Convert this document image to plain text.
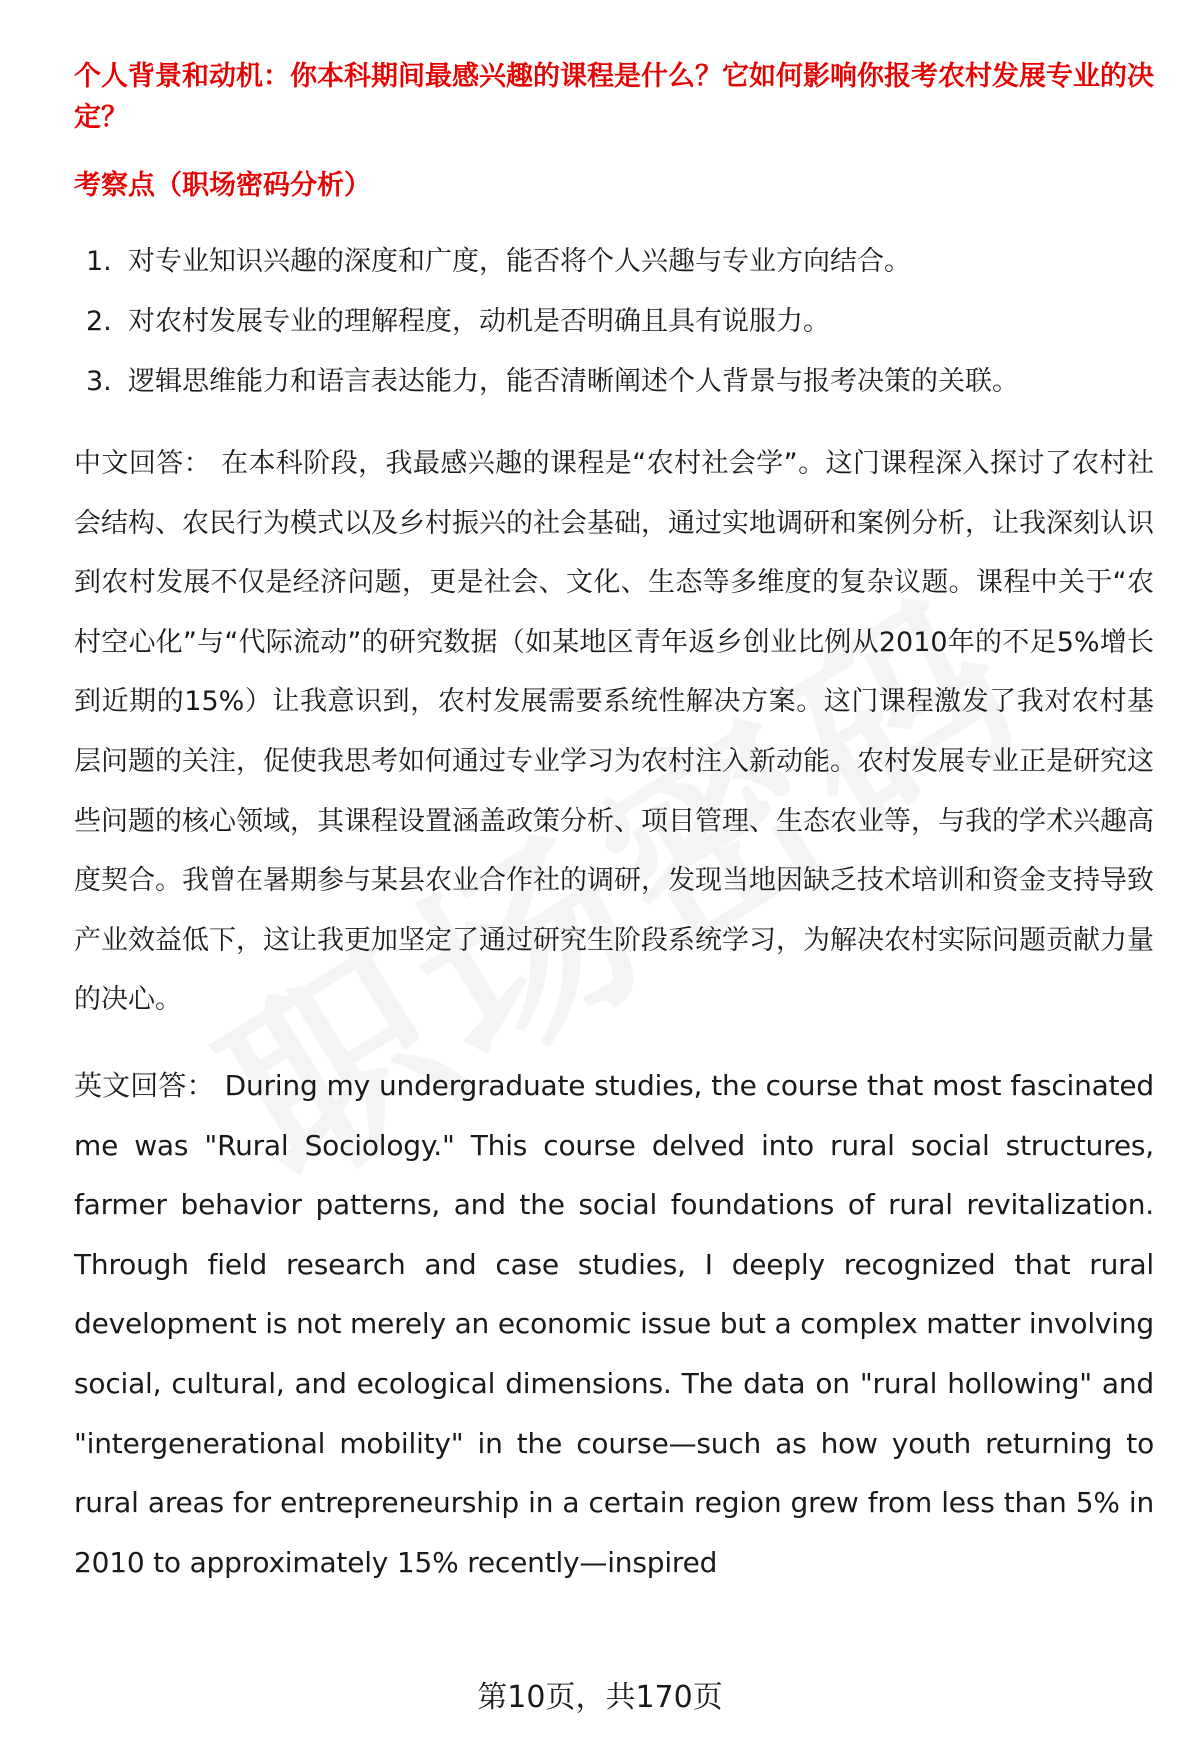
个人背景和动机：你本科期间最感兴趣的课程是什么？它如何影响你报考农村发展专业的决定？

考察点（职场密码分析）

1. 对专业知识兴趣的深度和广度，能否将个人兴趣与专业方向结合。
2. 对农村发展专业的理解程度，动机是否明确且具有说服力。
3. 逻辑思维能力和语言表达能力，能否清晰阐述个人背景与报考决策的关联。

中文回答： 在本科阶段，我最感兴趣的课程是“农村社会学”。这门课程深入探讨了农村社会结构、农民行为模式以及乡村振兴的社会基础，通过实地调研和案例分析，让我深刻认识到农村发展不仅是经济问题，更是社会、文化、生态等多维度的复杂议题。课程中关于“农村空心化”与“代际流动”的研究数据（如某地区青年返乡创业比例从2010年的不足5%增长到近期的15%）让我意识到，农村发展需要系统性解决方案。这门课程激发了我对农村基层问题的关注，促使我思考如何通过专业学习为农村注入新动能。农村发展专业正是研究这些问题的核心领域，其课程设置涵盖政策分析、项目管理、生态农业等，与我的学术兴趣高度契合。我曾在暑期参与某县农业合作社的调研，发现当地因缺乏技术培训和资金支持导致产业效益低下，这让我更加坚定了通过研究生阶段系统学习，为解决农村实际问题贡献力量的决心。

英文回答： During my undergraduate studies, the course that most fascinated me was "Rural Sociology." This course delved into rural social structures, farmer behavior patterns, and the social foundations of rural revitalization. Through field research and case studies, I deeply recognized that rural development is not merely an economic issue but a complex matter involving social, cultural, and ecological dimensions. The data on "rural hollowing" and "intergenerational mobility" in the course—such as how youth returning to rural areas for entrepreneurship in a certain region grew from less than 5% in 2010 to approximately 15% recently—inspired

第10页，共170页
